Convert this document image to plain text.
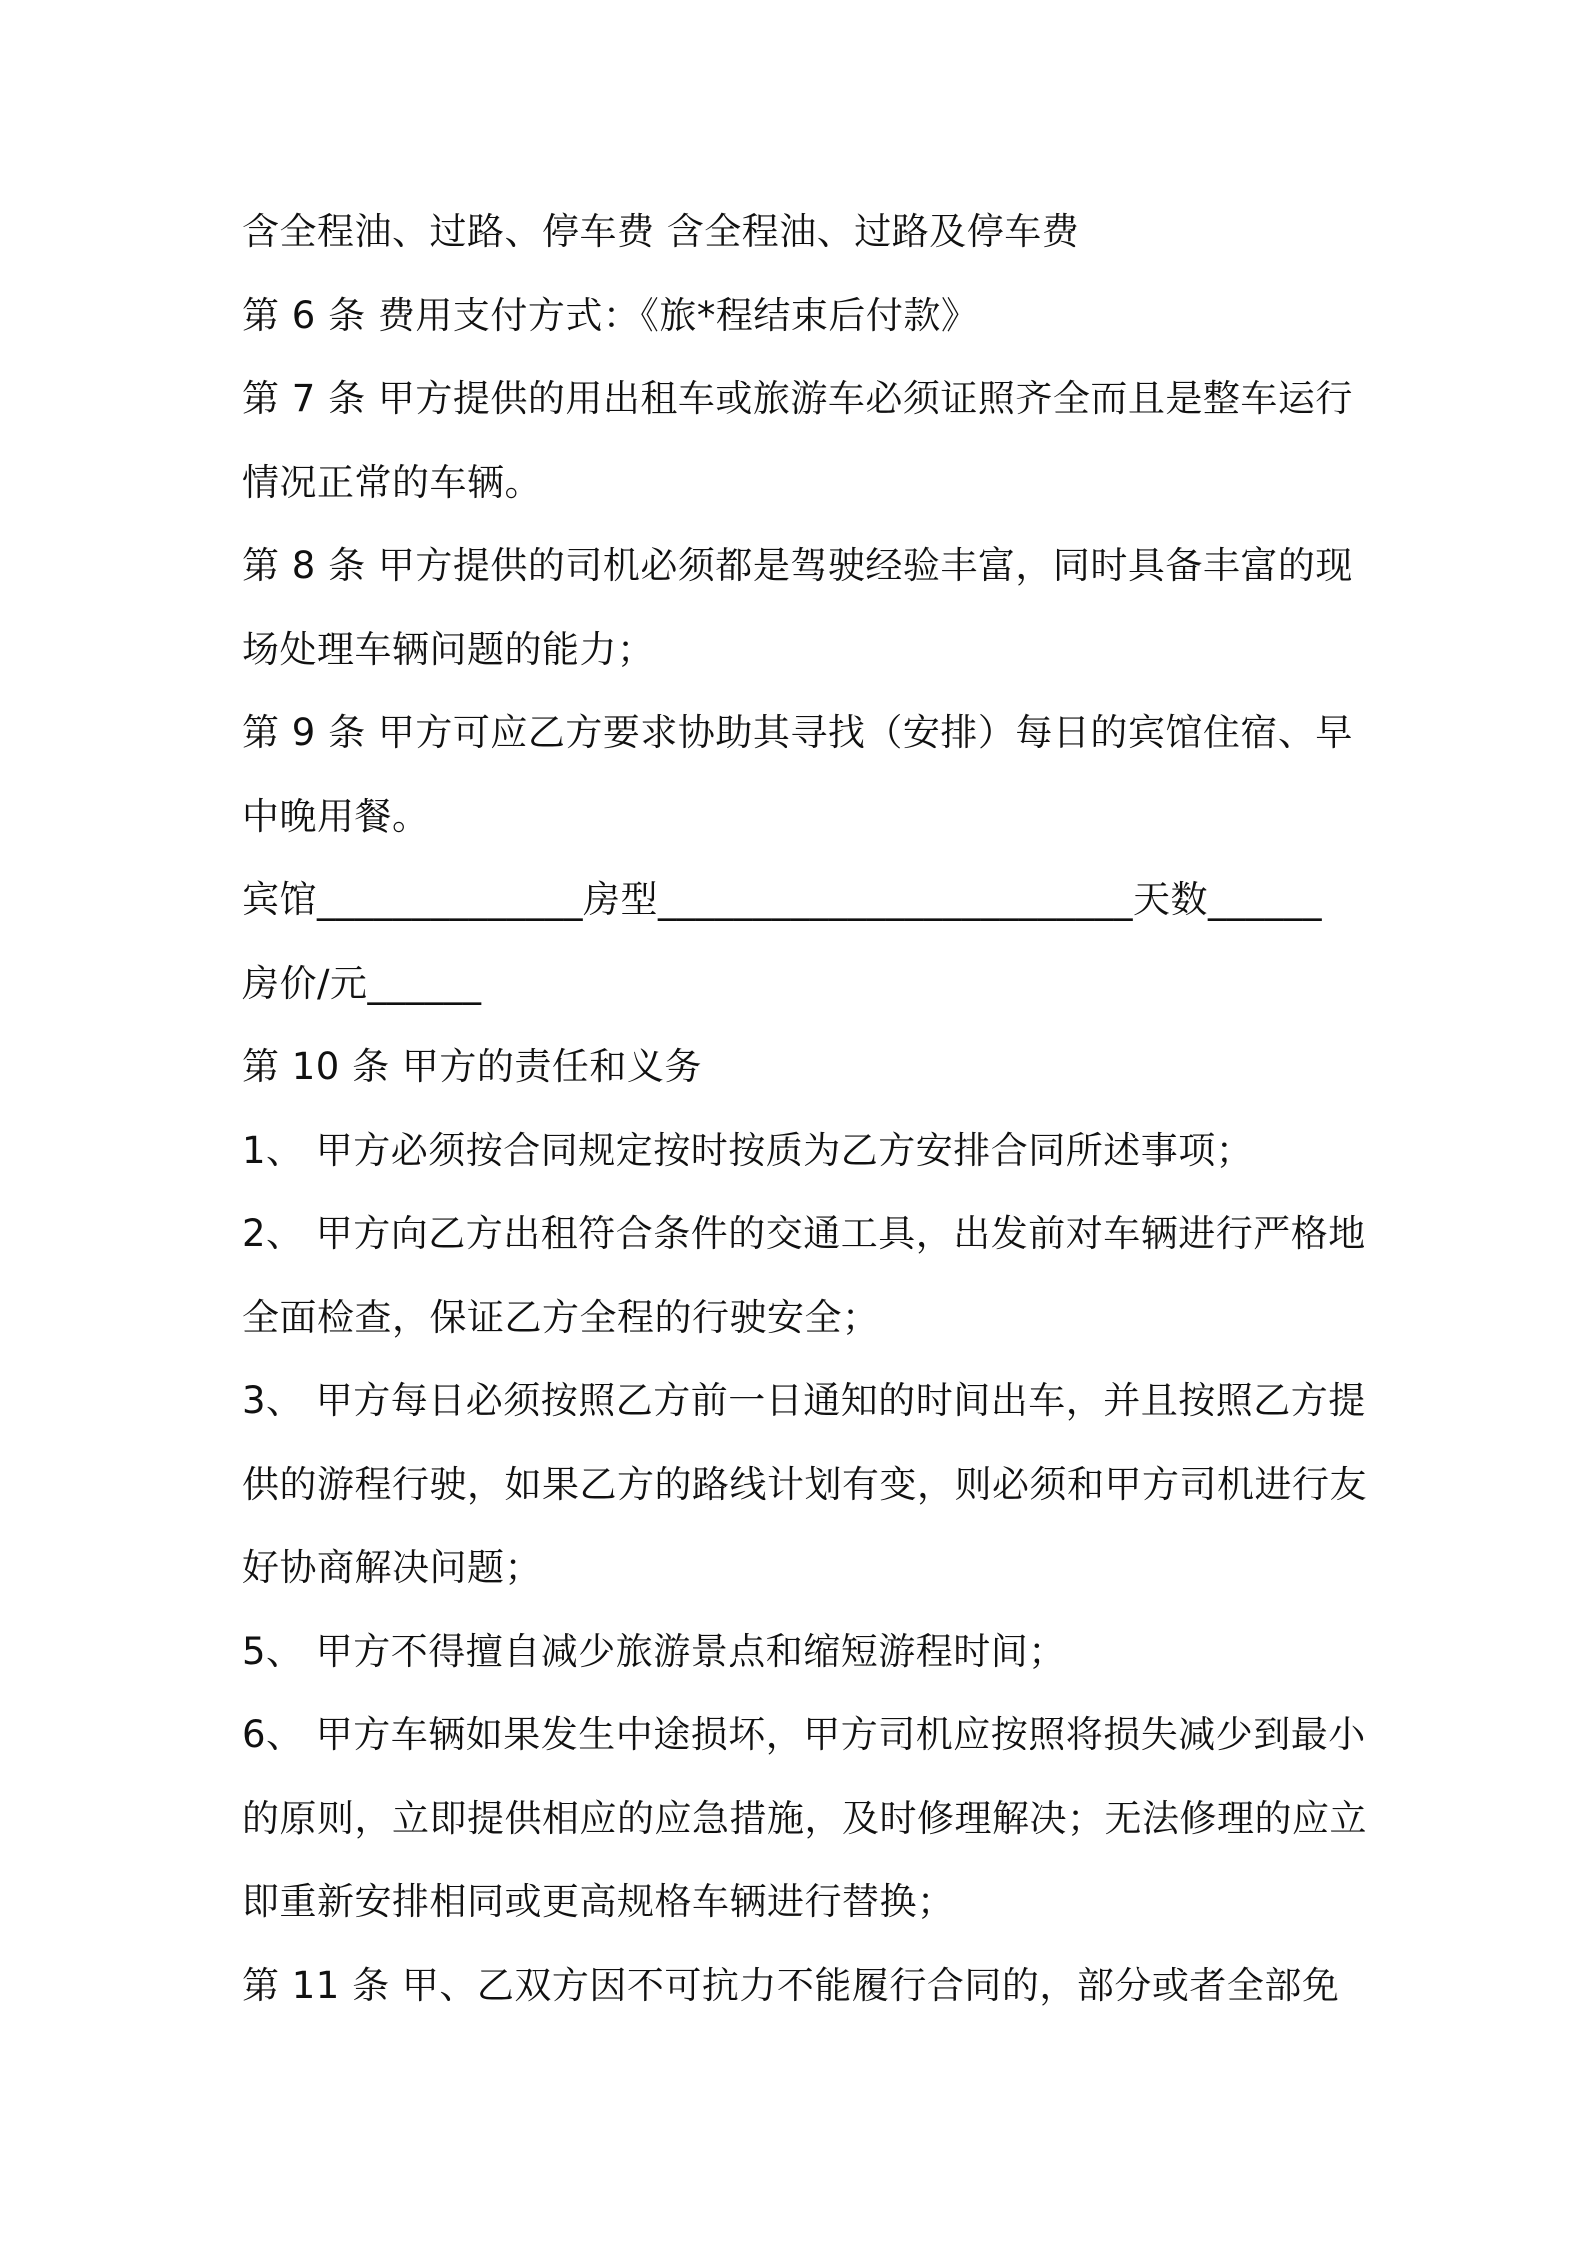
含全程油、过路、停车费 含全程油、过路及停车费
第 6 条 费用支付方式：《旅*程结束后付款》
第 7 条 甲方提供的用出租车或旅游车必须证照齐全而且是整车运行
情况正常的车辆。
第 8 条 甲方提供的司机必须都是驾驶经验丰富，同时具备丰富的现
场处理车辆问题的能力；
第 9 条 甲方可应乙方要求协助其寻找（安排）每日的宾馆住宿、早
中晚用餐。
宾馆______________房型_________________________天数______
房价/元______
第 10 条 甲方的责任和义务
1、 甲方必须按合同规定按时按质为乙方安排合同所述事项；
2、 甲方向乙方出租符合条件的交通工具，出发前对车辆进行严格地
全面检查，保证乙方全程的行驶安全；
3、 甲方每日必须按照乙方前一日通知的时间出车，并且按照乙方提
供的游程行驶，如果乙方的路线计划有变，则必须和甲方司机进行友
好协商解决问题；
5、 甲方不得擅自减少旅游景点和缩短游程时间；
6、 甲方车辆如果发生中途损坏，甲方司机应按照将损失减少到最小
的原则，立即提供相应的应急措施，及时修理解决；无法修理的应立
即重新安排相同或更高规格车辆进行替换；
第 11 条 甲、乙双方因不可抗力不能履行合同的，部分或者全部免
